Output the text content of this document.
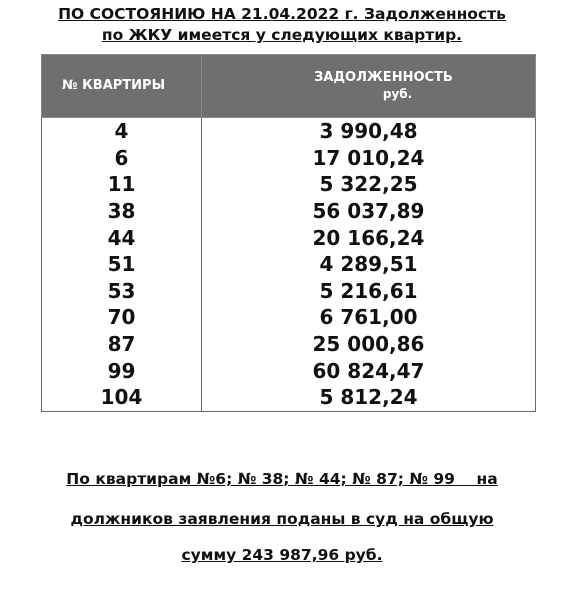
ПО СОСТОЯНИЮ НА 21.04.2022 г. Задолженность
по ЖКУ имеется у следующих квартир.
№ КВАРТИРЫ	ЗАДОЛЖЕННОСТЬ
руб.

4	3 990,48
6	17 010,24
11	5 322,25
38	56 037,89
44	20 166,24
51	4 289,51
53	5 216,61
70	6 761,00
87	25 000,86
99	60 824,47
104	5 812,24
По квартирам №6; № 38; № 44; № 87; № 99    на
должников заявления поданы в суд на общую
сумму 243 987,96 руб.
